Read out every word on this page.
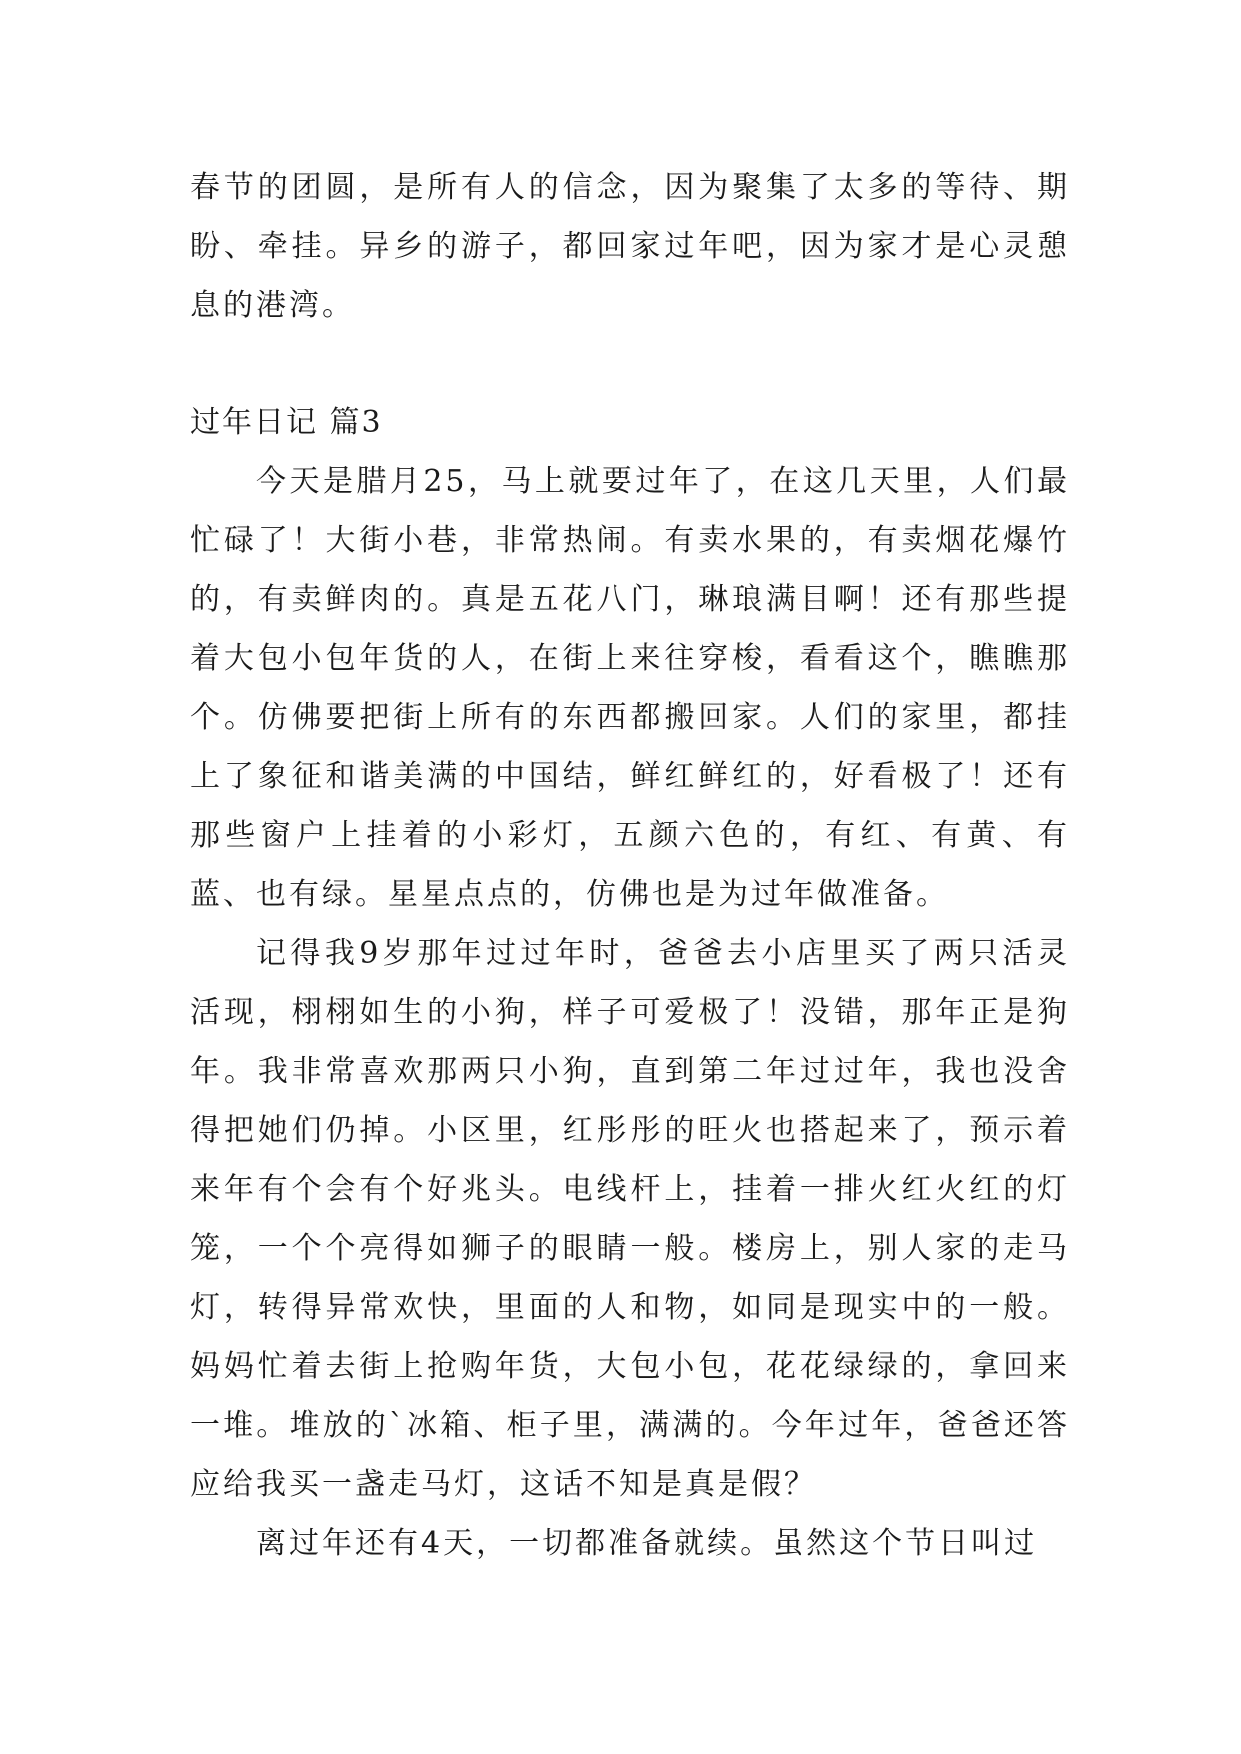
春节的团圆，是所有人的信念，因为聚集了太多的等待、期盼、牵挂。异乡的游子，都回家过年吧，因为家才是心灵憩息的港湾。

过年日记 篇3

今天是腊月25，马上就要过年了，在这几天里，人们最忙碌了！大街小巷，非常热闹。有卖水果的，有卖烟花爆竹的，有卖鲜肉的。真是五花八门，琳琅满目啊！还有那些提着大包小包年货的人，在街上来往穿梭，看看这个，瞧瞧那个。仿佛要把街上所有的东西都搬回家。人们的家里，都挂上了象征和谐美满的中国结，鲜红鲜红的，好看极了！还有那些窗户上挂着的小彩灯，五颜六色的，有红、有黄、有蓝、也有绿。星星点点的，仿佛也是为过年做准备。

记得我9岁那年过过年时，爸爸去小店里买了两只活灵活现，栩栩如生的小狗，样子可爱极了！没错，那年正是狗年。我非常喜欢那两只小狗，直到第二年过过年，我也没舍得把她们仍掉。小区里，红彤彤的旺火也搭起来了，预示着来年有个会有个好兆头。电线杆上，挂着一排火红火红的灯笼，一个个亮得如狮子的眼睛一般。楼房上，别人家的走马灯，转得异常欢快，里面的人和物，如同是现实中的一般。妈妈忙着去街上抢购年货，大包小包，花花绿绿的，拿回来一堆。堆放的`冰箱、柜子里，满满的。今年过年，爸爸还答应给我买一盏走马灯，这话不知是真是假？

离过年还有4天，一切都准备就续。虽然这个节日叫过
